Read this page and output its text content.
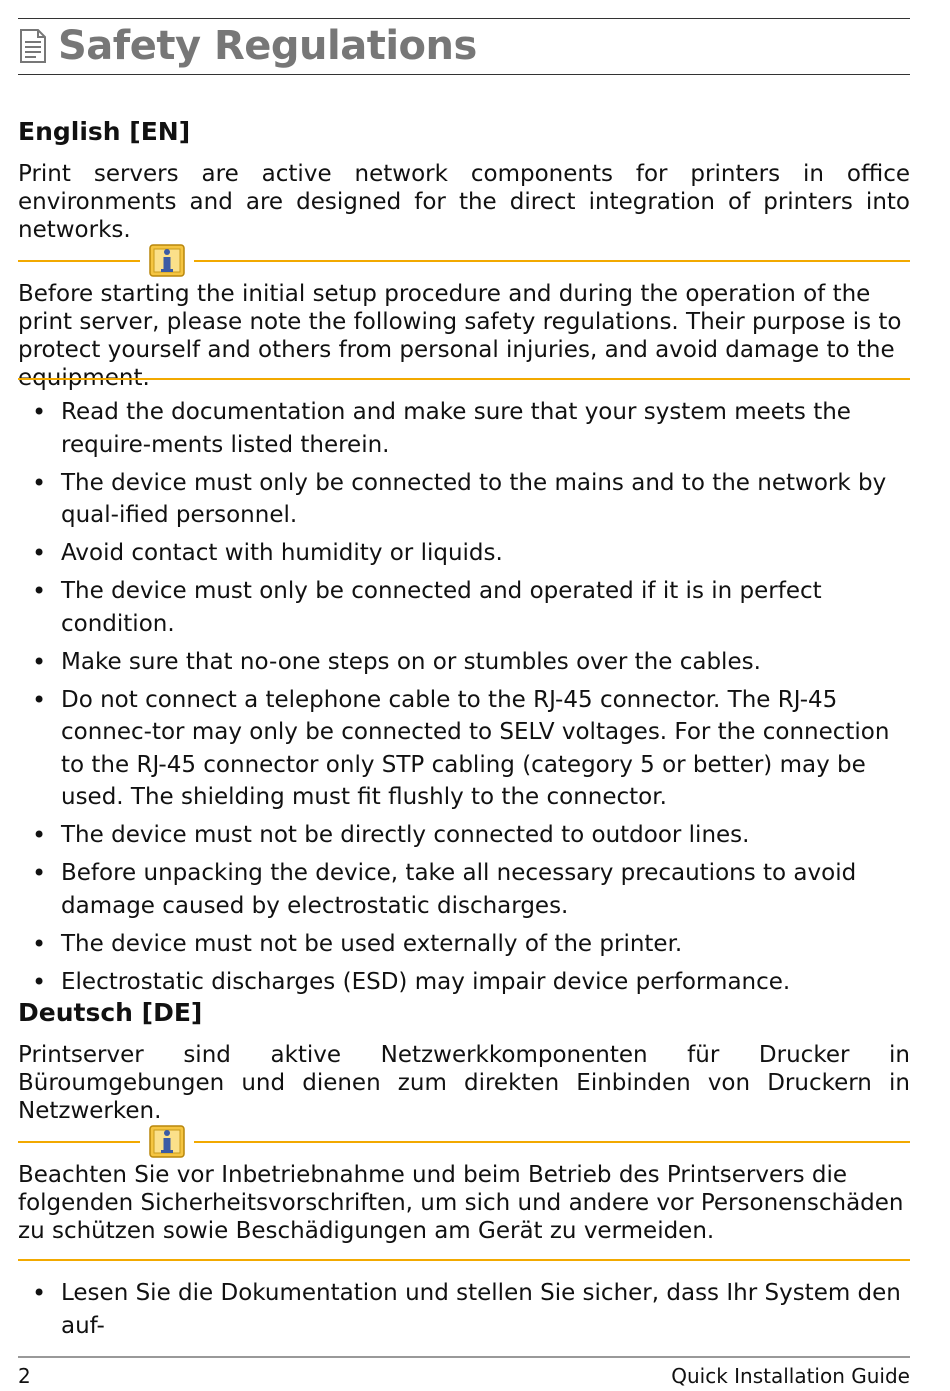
Safety Regulations
English [EN]

Print servers are active network components for printers in office environments and are designed for the direct integration of printers into networks.

Before starting the initial setup procedure and during the operation of the print server, please note the following safety regulations. Their purpose is to protect yourself and others from personal injuries, and avoid damage to the equipment.

• Read the documentation and make sure that your system meets the require-ments listed therein.
• The device must only be connected to the mains and to the network by qual-ified personnel.
• Avoid contact with humidity or liquids.
• The device must only be connected and operated if it is in perfect condition.
• Make sure that no-one steps on or stumbles over the cables.
• Do not connect a telephone cable to the RJ-45 connector. The RJ-45 connec-tor may only be connected to SELV voltages. For the connection to the RJ-45 connector only STP cabling (category 5 or better) may be used. The shielding must fit flushly to the connector.
• The device must not be directly connected to outdoor lines.
• Before unpacking the device, take all necessary precautions to avoid damage caused by electrostatic discharges.
• The device must not be used externally of the printer.
• Electrostatic discharges (ESD) may impair device performance.
Deutsch [DE]

Printserver sind aktive Netzwerkkomponenten für Drucker in Büroumgebungen und dienen zum direkten Einbinden von Druckern in Netzwerken.

Beachten Sie vor Inbetriebnahme und beim Betrieb des Printservers die folgenden Sicherheitsvorschriften, um sich und andere vor Personenschäden zu schützen sowie Beschädigungen am Gerät zu vermeiden.

• Lesen Sie die Dokumentation und stellen Sie sicher, dass Ihr System den auf-
2	Quick Installation Guide
